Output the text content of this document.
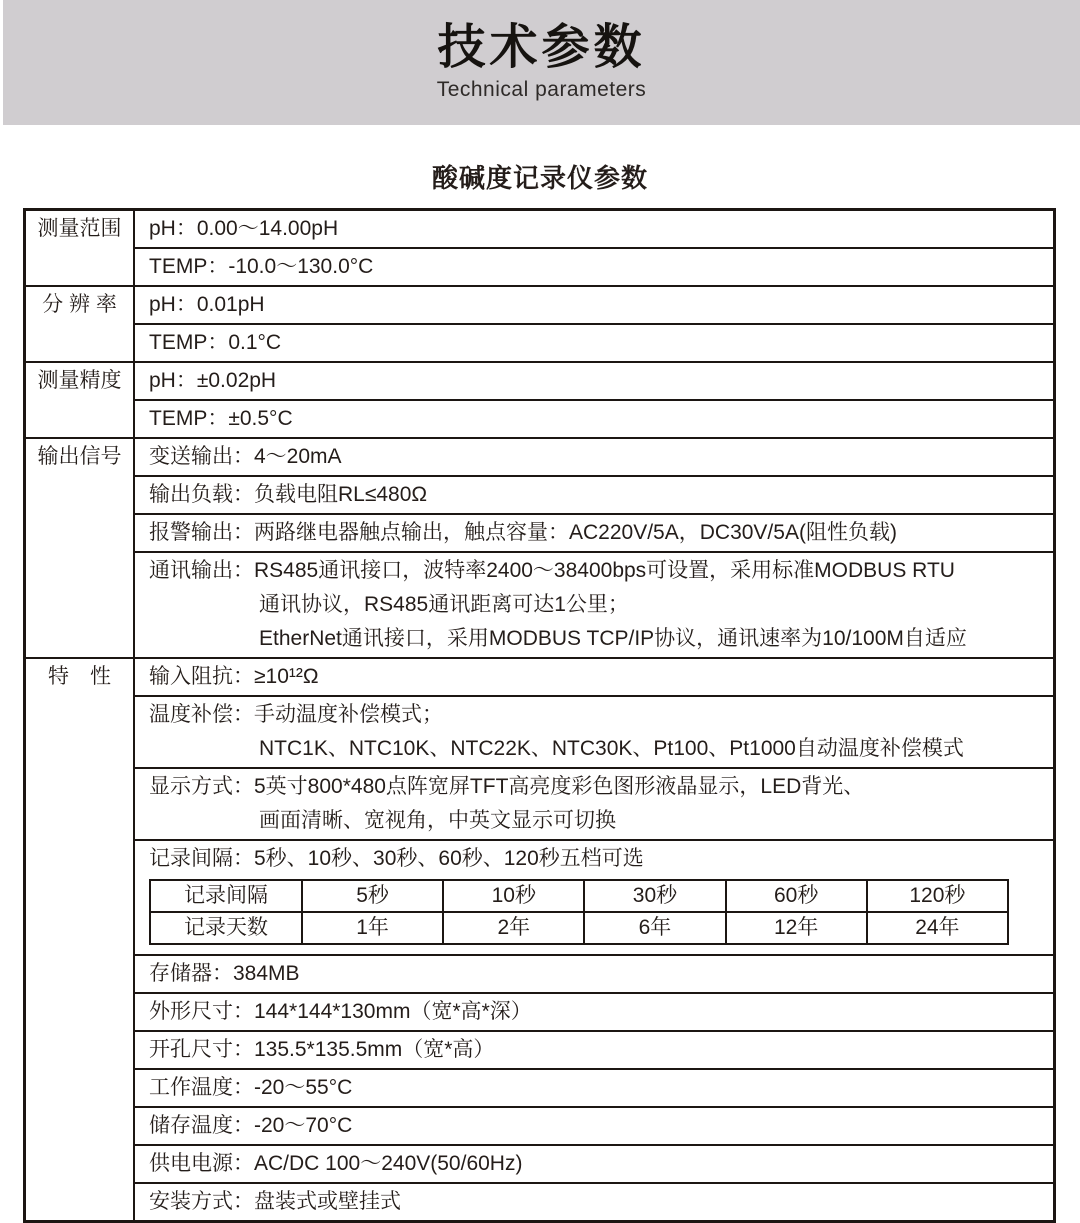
技术参数
Technical parameters
酸碱度记录仪参数
测量范围	pH：0.00～14.00pH
TEMP：-10.0～130.0°C
分 辨 率	pH：0.01pH
TEMP：0.1°C
测量精度	pH：±0.02pH
TEMP：±0.5°C
输出信号	变送输出：4～20mA
输出负载：负载电阻RL≤480Ω
报警输出：两路继电器触点输出，触点容量：AC220V/5A，DC30V/5A(阻性负载)
通讯输出：RS485通讯接口，波特率2400～38400bps可设置，采用标准MODBUS RTU
通讯协议，RS485通讯距离可达1公里；
EtherNet通讯接口，采用MODBUS TCP/IP协议，通讯速率为10/100M自适应
特　性	输入阻抗：≥10¹²Ω
温度补偿：手动温度补偿模式；
NTC1K、NTC10K、NTC22K、NTC30K、Pt100、Pt1000自动温度补偿模式
显示方式：5英寸800*480点阵宽屏TFT高亮度彩色图形液晶显示，LED背光、
画面清晰、宽视角，中英文显示可切换
记录间隔：5秒、10秒、30秒、60秒、120秒五档可选
记录间隔	5秒	10秒	30秒	60秒	120秒
记录天数	1年	2年	6年	12年	24年
存储器：384MB
外形尺寸：144*144*130mm（宽*高*深）
开孔尺寸：135.5*135.5mm（宽*高）
工作温度：-20～55°C
储存温度：-20～70°C
供电电源：AC/DC 100～240V(50/60Hz)
安装方式：盘装式或壁挂式
